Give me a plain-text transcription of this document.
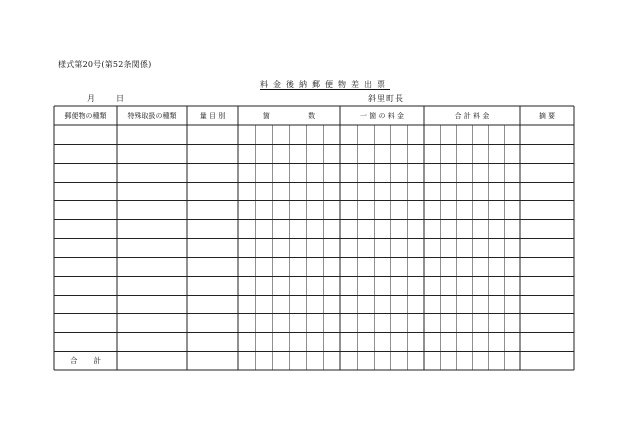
様式第20号(第52条関係)
料金後納郵便物差出票
月	日	斜里町長
郵便物の種類	特殊取扱の種類	量 目 別	箇 数	一 箇 の 料 金	合 計 料 金	摘 要
合 計
